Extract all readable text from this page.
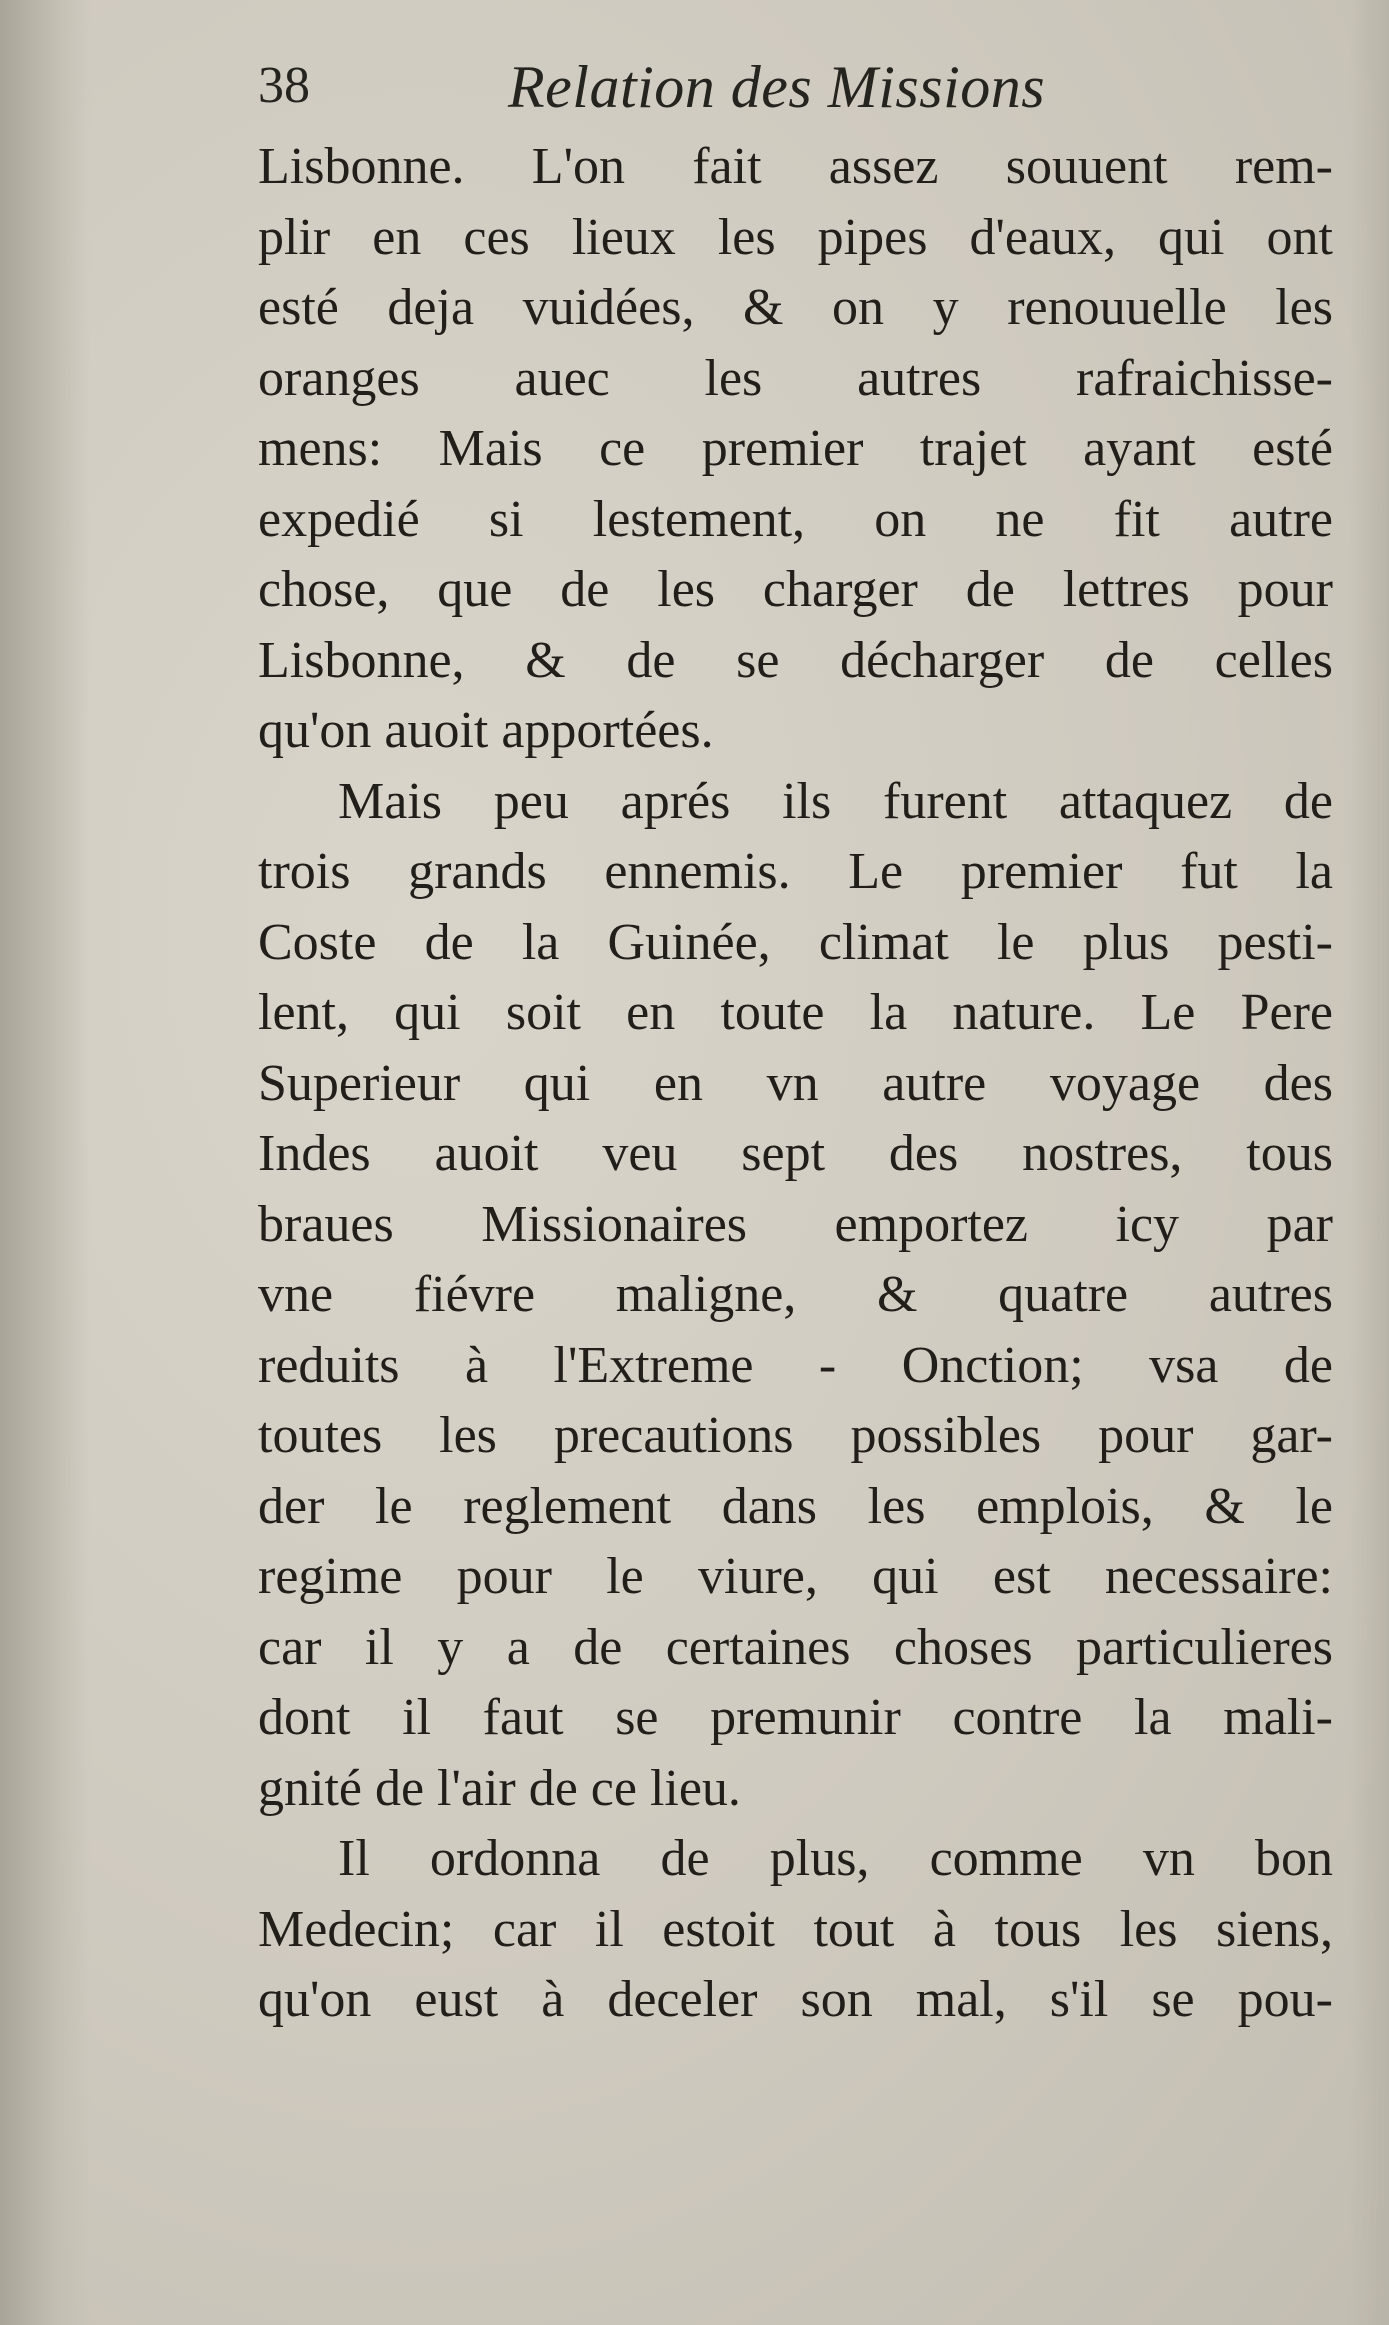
38	Relation des Missions
Lisbonne. L'on fait assez souuent rem-
plir en ces lieux les pipes d'eaux, qui ont
esté deja vuidées, & on y renouuelle les
oranges auec les autres rafraichisse-
mens: Mais ce premier trajet ayant esté
expedié si lestement, on ne fit autre
chose, que de les charger de lettres pour
Lisbonne, & de se décharger de celles
qu'on auoit apportées.
Mais peu aprés ils furent attaquez de
trois grands ennemis. Le premier fut la
Coste de la Guinée, climat le plus pesti-
lent, qui soit en toute la nature. Le Pere
Superieur qui en vn autre voyage des
Indes auoit veu sept des nostres, tous
braues Missionaires emportez icy par
vne fiévre maligne, & quatre autres
reduits à l'Extreme - Onction; vsa de
toutes les precautions possibles pour gar-
der le reglement dans les emplois, & le
regime pour le viure, qui est necessaire:
car il y a de certaines choses particulieres
dont il faut se premunir contre la mali-
gnité de l'air de ce lieu.
Il ordonna de plus, comme vn bon
Medecin; car il estoit tout à tous les siens,
qu'on eust à deceler son mal, s'il se pou-
